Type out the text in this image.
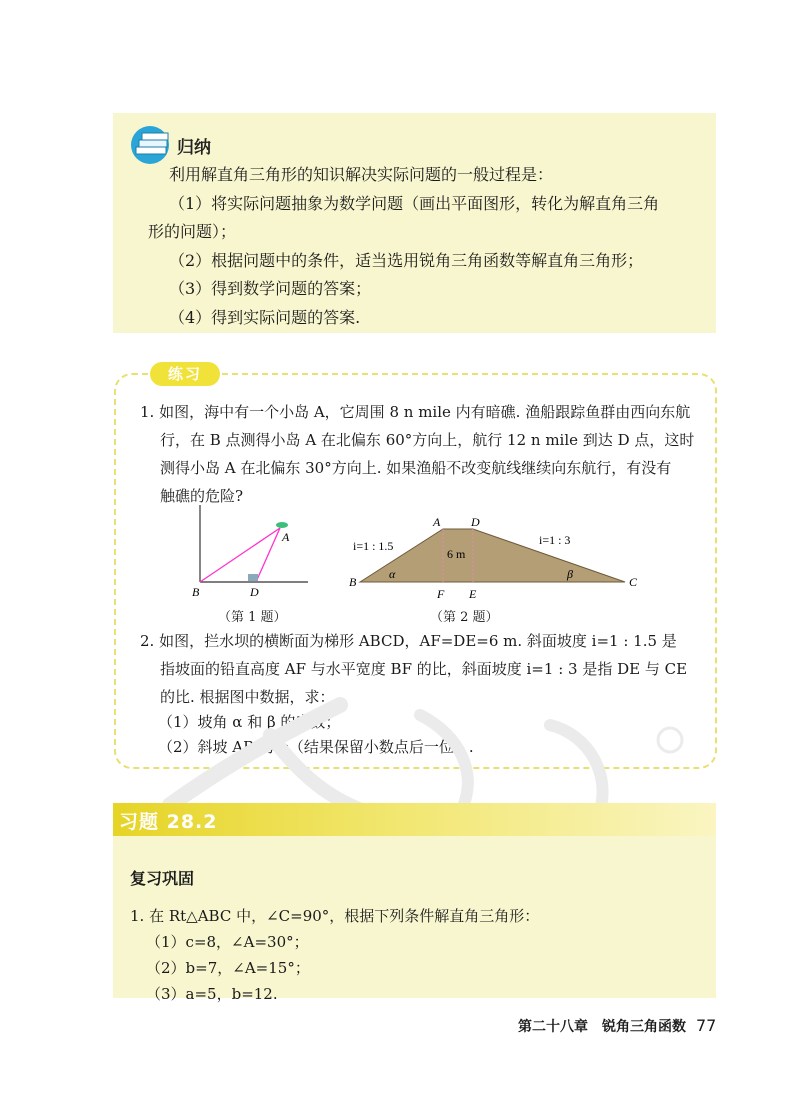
归纳

利用解直角三角形的知识解决实际问题的一般过程是：

（1）将实际问题抽象为数学问题（画出平面图形，转化为解直角三角

形的问题）；

（2）根据问题中的条件，适当选用锐角三角函数等解直角三角形；

（3）得到数学问题的答案；

（4）得到实际问题的答案.

练习
1. 如图，海中有一个小岛 A，它周围 8 n mile 内有暗礁. 渔船跟踪鱼群由西向东航
行，在 B 点测得小岛 A 在北偏东 60°方向上，航行 12 n mile 到达 D 点，这时
测得小岛 A 在北偏东 30°方向上. 如果渔船不改变航线继续向东航行，有没有
触礁的危险?
A
B	D
（第 1 题）
A	D
B	C
F E
α	β
6 m
i=1 : 1.5	i=1 : 3
（第 2 题）
2. 如图，拦水坝的横断面为梯形 ABCD，AF=DE=6 m. 斜面坡度 i=1 : 1.5 是
指坡面的铅直高度 AF 与水平宽度 BF 的比，斜面坡度 i=1 : 3 是指 DE 与 CE
的比. 根据图中数据，求：
（1）坡角 α 和 β 的度数；
（2）斜坡 AB 的长（结果保留小数点后一位）.
习题 28.2
复习巩固
1. 在 Rt△ABC 中，∠C=90°，根据下列条件解直角三角形：
（1）c=8，∠A=30°；
（2）b=7，∠A=15°；
（3）a=5，b=12.
第二十八章　锐角三角函数 77
